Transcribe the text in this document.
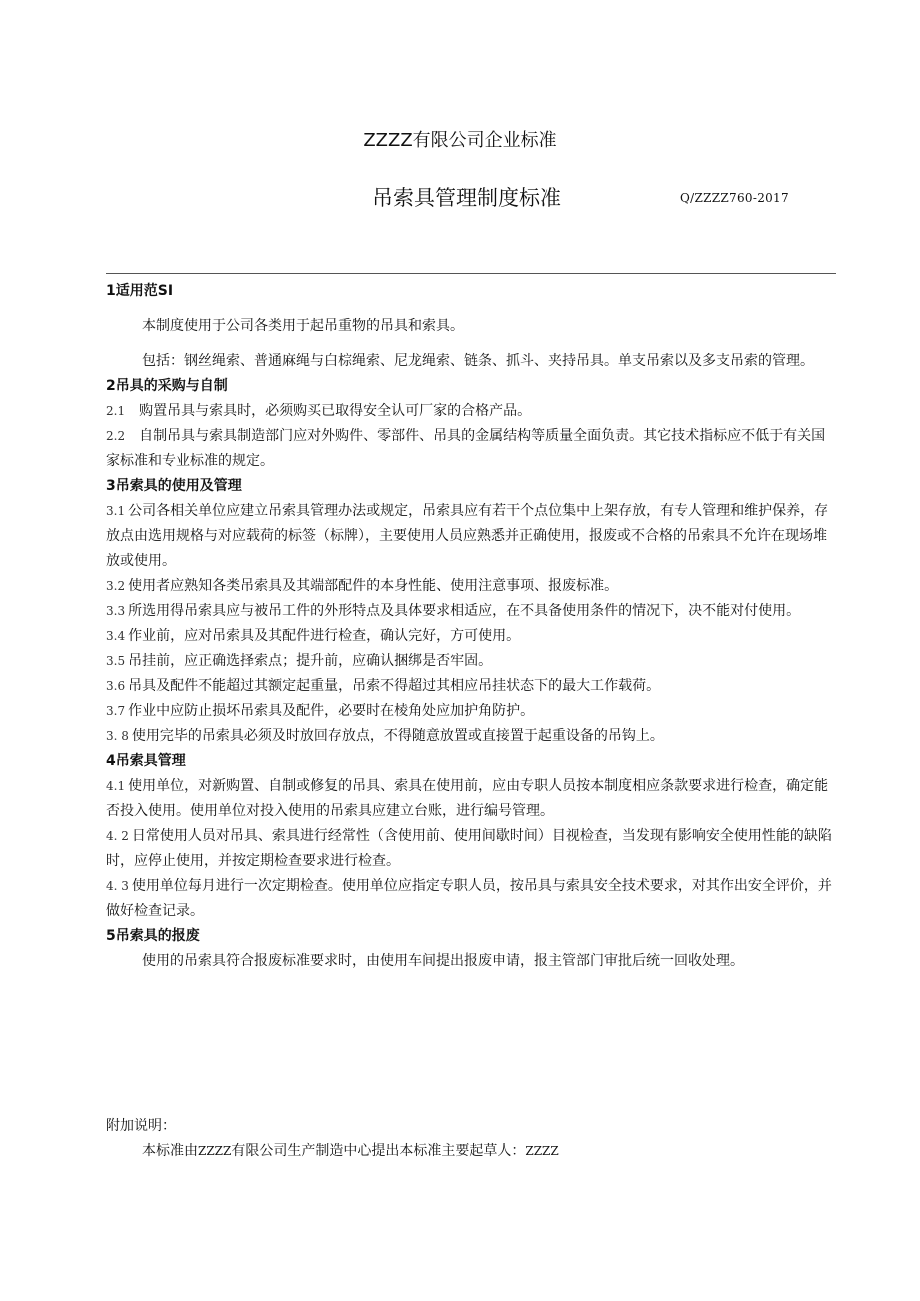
ZZZZ有限公司企业标准
吊索具管理制度标准	Q/ZZZZ760-2017

1适用范SI

本制度使用于公司各类用于起吊重物的吊具和索具。

包括：钢丝绳索、普通麻绳与白棕绳索、尼龙绳索、链条、抓斗、夹持吊具。单支吊索以及多支吊索的管理。

2吊具的采购与自制

2.1 购置吊具与索具时，必须购买已取得安全认可厂家的合格产品。

2.2 自制吊具与索具制造部门应对外购件、零部件、吊具的金属结构等质量全面负责。其它技术指标应不低于有关国家标准和专业标准的规定。

3吊索具的使用及管理

3.1 公司各相关单位应建立吊索具管理办法或规定，吊索具应有若干个点位集中上架存放，有专人管理和维护保养，存放点由选用规格与对应载荷的标签（标牌），主要使用人员应熟悉并正确使用，报废或不合格的吊索具不允许在现场堆放或使用。

3.2 使用者应熟知各类吊索具及其端部配件的本身性能、使用注意事项、报废标准。

3.3 所选用得吊索具应与被吊工件的外形特点及具体要求相适应，在不具备使用条件的情况下，决不能对付使用。

3.4 作业前，应对吊索具及其配件进行检查，确认完好，方可使用。

3.5 吊挂前，应正确选择索点；提升前，应确认捆绑是否牢固。

3.6 吊具及配件不能超过其额定起重量，吊索不得超过其相应吊挂状态下的最大工作载荷。

3.7 作业中应防止损坏吊索具及配件，必要时在棱角处应加护角防护。

3. 8 使用完毕的吊索具必须及时放回存放点，不得随意放置或直接置于起重设备的吊钩上。

4吊索具管理

4.1 使用单位，对新购置、自制或修复的吊具、索具在使用前，应由专职人员按本制度相应条款要求进行检查，确定能否投入使用。使用单位对投入使用的吊索具应建立台账，进行编号管理。

4. 2 日常使用人员对吊具、索具进行经常性（含使用前、使用间歇时间）目视检查，当发现有影响安全使用性能的缺陷时，应停止使用，并按定期检查要求进行检查。

4. 3 使用单位每月进行一次定期检查。使用单位应指定专职人员，按吊具与索具安全技术要求，对其作出安全评价，并做好检查记录。

5吊索具的报废

使用的吊索具符合报废标准要求时，由使用车间提出报废申请，报主管部门审批后统一回收处理。

附加说明：

本标准由ZZZZ有限公司生产制造中心提出本标准主要起草人：ZZZZ
